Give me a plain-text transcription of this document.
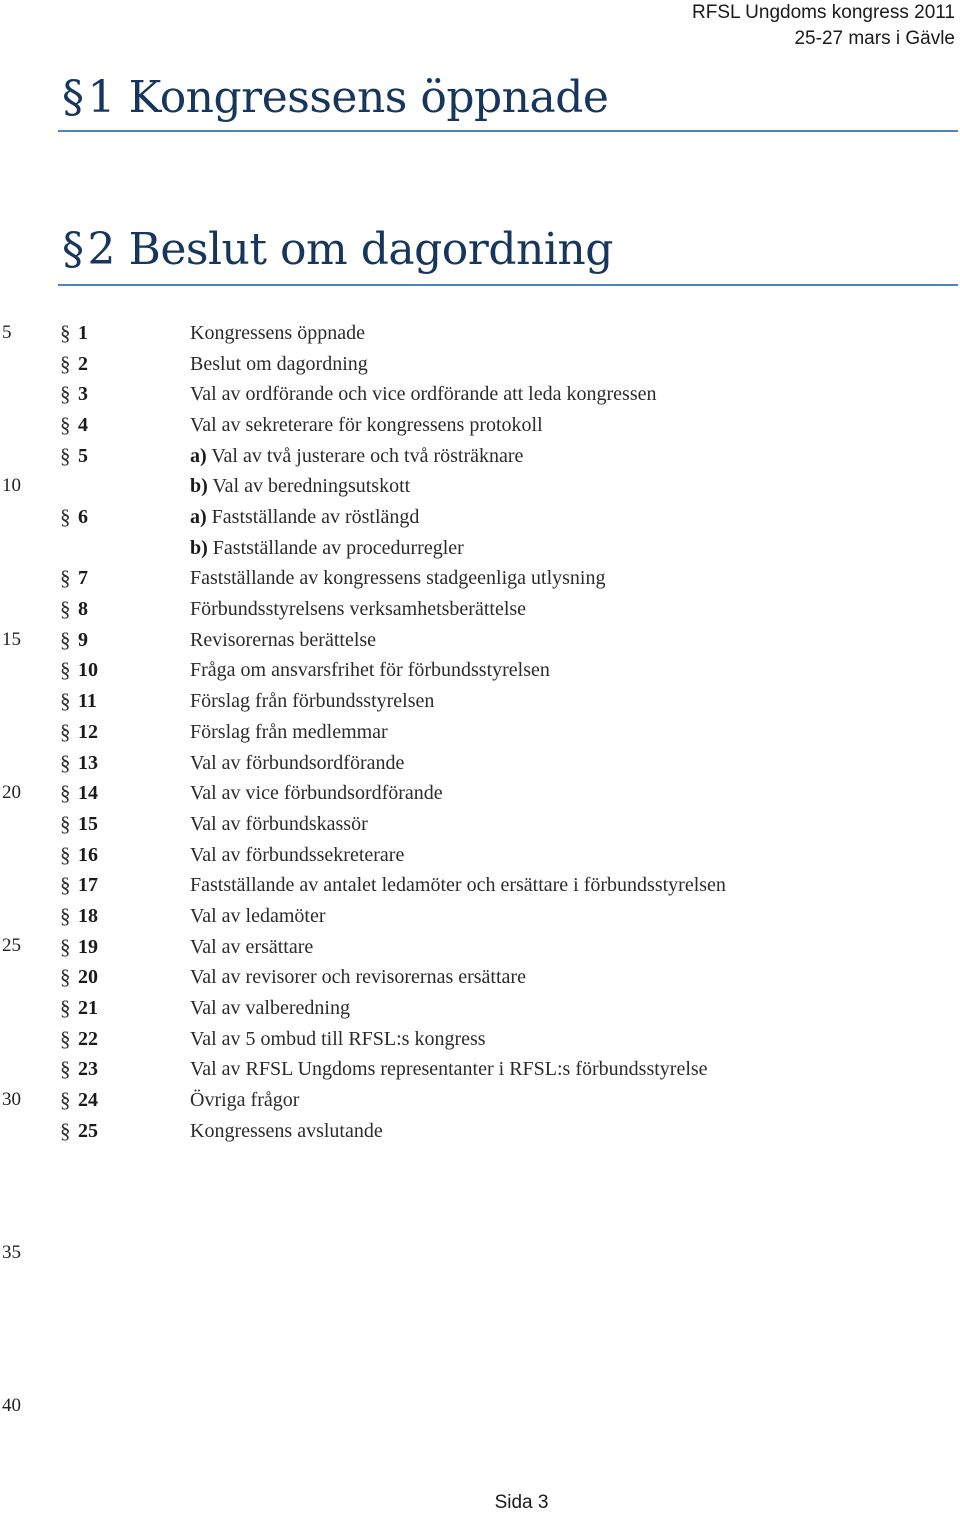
RFSL Ungdoms kongress 2011
25-27 mars i Gävle
§1 Kongressens öppnade
§2 Beslut om dagordning
§ 1	Kongressens öppnade
§ 2	Beslut om dagordning
§ 3	Val av ordförande och vice ordförande att leda kongressen
§ 4	Val av sekreterare för kongressens protokoll
§ 5	a) Val av två justerare och två rösträknare
b) Val av beredningsutskott
§ 6	a) Fastställande av röstlängd
b) Fastställande av procedurregler
§ 7	Fastställande av kongressens stadgeenliga utlysning
§ 8	Förbundsstyrelsens verksamhetsberättelse
§ 9	Revisorernas berättelse
§ 10	Fråga om ansvarsfrihet för förbundsstyrelsen
§ 11	Förslag från förbundsstyrelsen
§ 12	Förslag från medlemmar
§ 13	Val av förbundsordförande
§ 14	Val av vice förbundsordförande
§ 15	Val av förbundskassör
§ 16	Val av förbundssekreterare
§ 17	Fastställande av antalet ledamöter och ersättare i förbundsstyrelsen
§ 18	Val av ledamöter
§ 19	Val av ersättare
§ 20	Val av revisorer och revisorernas ersättare
§ 21	Val av valberedning
§ 22	Val av 5 ombud till RFSL:s kongress
§ 23	Val av RFSL Ungdoms representanter i RFSL:s förbundsstyrelse
§ 24	Övriga frågor
§ 25	Kongressens avslutande
5
10
15
20
25
30
35
40
Sida 3
